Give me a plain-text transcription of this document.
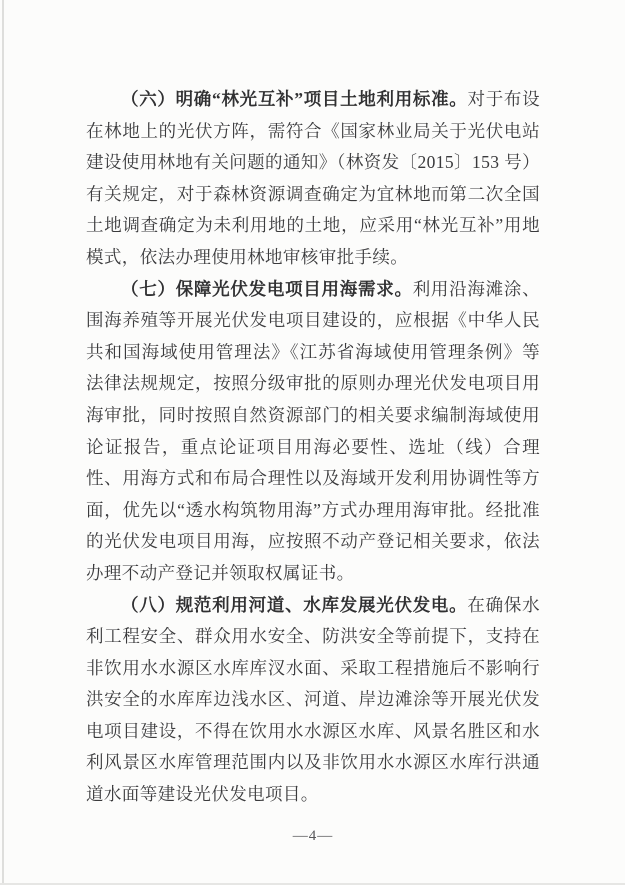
（六）明确“林光互补”项目土地利用标准。对于布设在林地上的光伏方阵，需符合《国家林业局关于光伏电站建设使用林地有关问题的通知》（林资发〔2015〕153 号）有关规定，对于森林资源调查确定为宜林地而第二次全国土地调查确定为未利用地的土地，应采用“林光互补”用地模式，依法办理使用林地审核审批手续。

（七）保障光伏发电项目用海需求。利用沿海滩涂、围海养殖等开展光伏发电项目建设的，应根据《中华人民共和国海域使用管理法》《江苏省海域使用管理条例》等法律法规规定，按照分级审批的原则办理光伏发电项目用海审批，同时按照自然资源部门的相关要求编制海域使用论证报告，重点论证项目用海必要性、选址（线）合理性、用海方式和布局合理性以及海域开发利用协调性等方面，优先以“透水构筑物用海”方式办理用海审批。经批准的光伏发电项目用海，应按照不动产登记相关要求，依法办理不动产登记并领取权属证书。

（八）规范利用河道、水库发展光伏发电。在确保水利工程安全、群众用水安全、防洪安全等前提下，支持在非饮用水水源区水库库汊水面、采取工程措施后不影响行洪安全的水库库边浅水区、河道、岸边滩涂等开展光伏发电项目建设，不得在饮用水水源区水库、风景名胜区和水利风景区水库管理范围内以及非饮用水水源区水库行洪通道水面等建设光伏发电项目。

—4—
